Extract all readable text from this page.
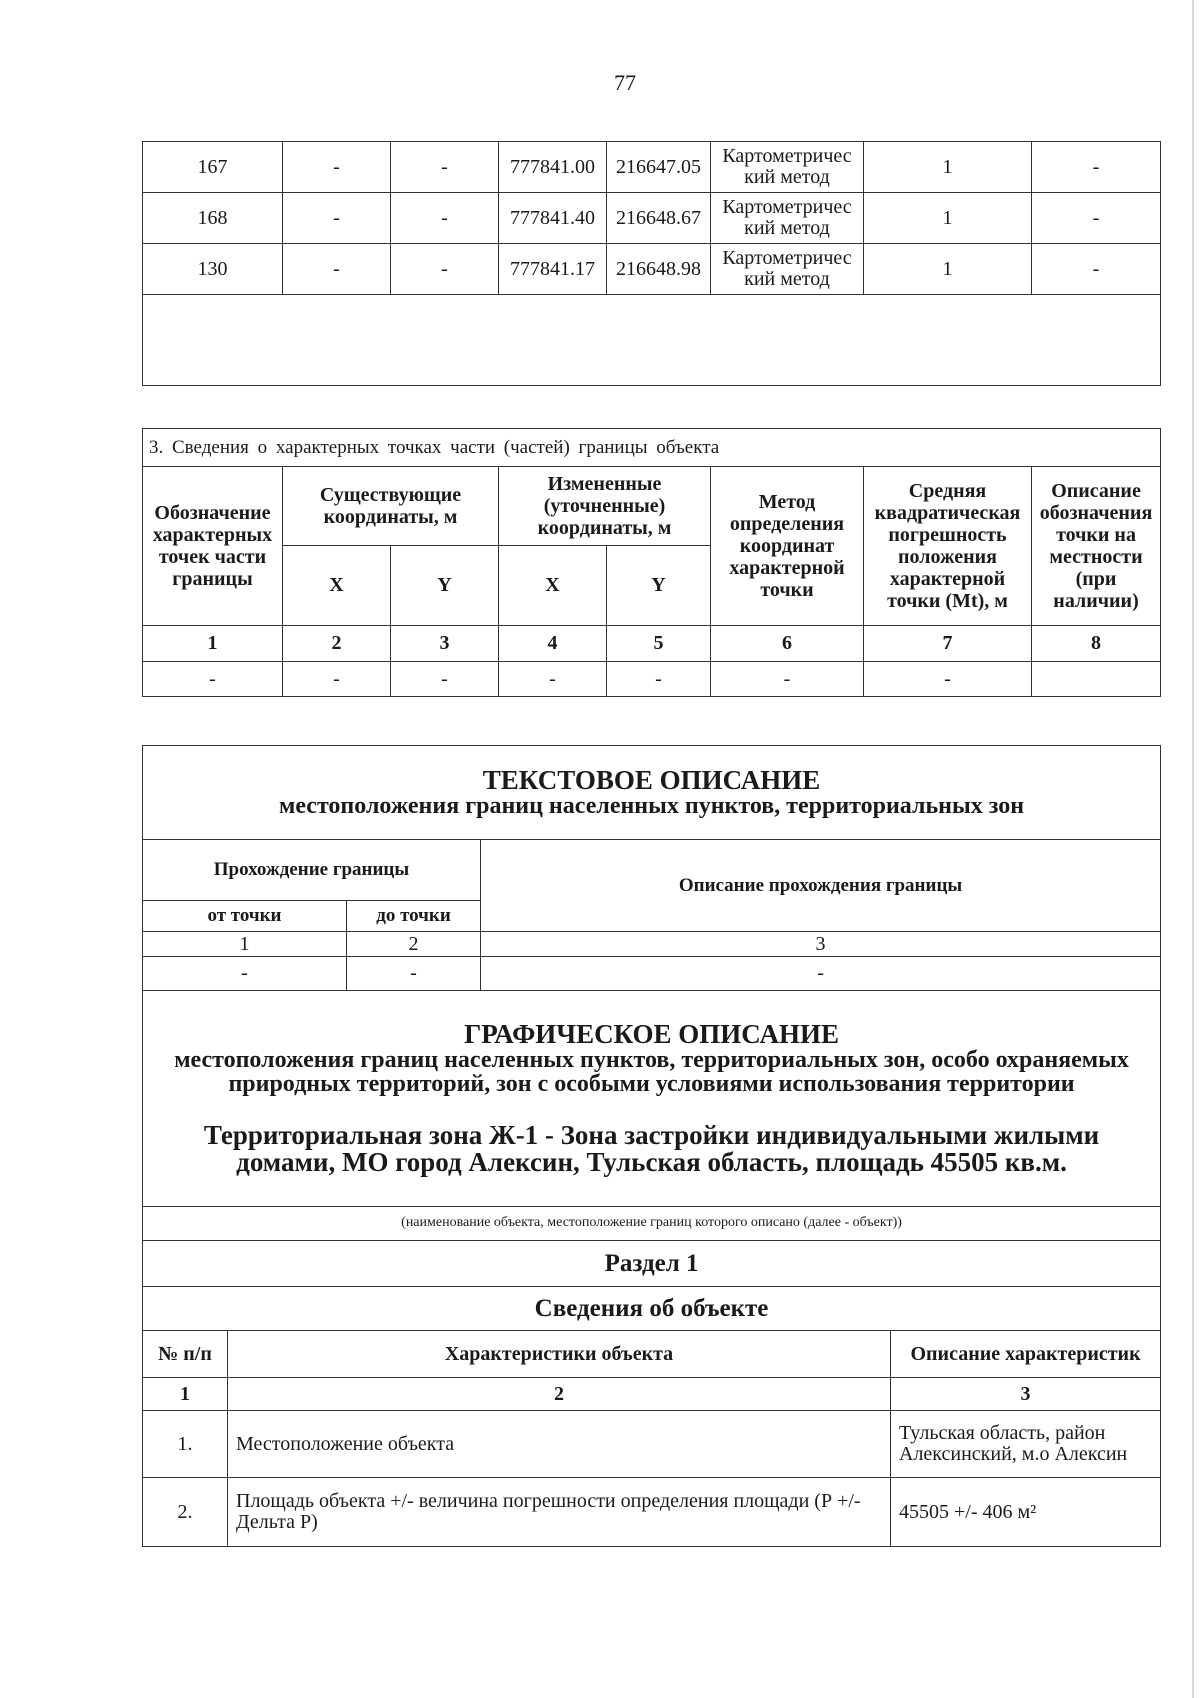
77
167	-	-	777841.00	216647.05	Картометричес кий метод	1	-
168	-	-	777841.40	216648.67	Картометричес кий метод	1	-
130	-	-	777841.17	216648.98	Картометричес кий метод	1	-

3. Сведения о характерных точках части (частей) границы объекта							
Обозначение характерных точек части границы	Существующие координаты, м		Измененные (уточненные) координаты, м		Метод определения координат характерной точки	Средняя квадратическая погрешность положения характерной точки (Mt), м	Описание обозначения точки на местности (при наличии)
	X	Y	X	Y			
1	2	3	4	5	6	7	8
-	-	-	-	-	-	-	
ТЕКСТОВОЕ ОПИСАНИЕ
местоположения границ населенных пунктов, территориальных зон				

Прохождение границы			Описание прохождения границы	
от точки		до точки		
1		2	3	
-		-	-	

ГРАФИЧЕСКОЕ ОПИСАНИЕ
местоположения границ населенных пунктов, территориальных зон, особо охраняемых природных территорий, зон с особыми условиями использования территории
Территориальная зона Ж-1 - Зона застройки индивидуальными жилыми домами, МО город Алексин, Тульская область, площадь 45505 кв.м.				

(наименование объекта, местоположение границ которого описано (далее - объект))				
Раздел 1				
Сведения об объекте				
№ п/п	Характеристики объекта			Описание характеристик
1	2			3
1.	Местоположение объекта			Тульская область, район Алексинский, м.о Алексин
2.	Площадь объекта +/- величина погрешности определения площади (Р +/- Дельта Р)			45505 +/- 406 м²
